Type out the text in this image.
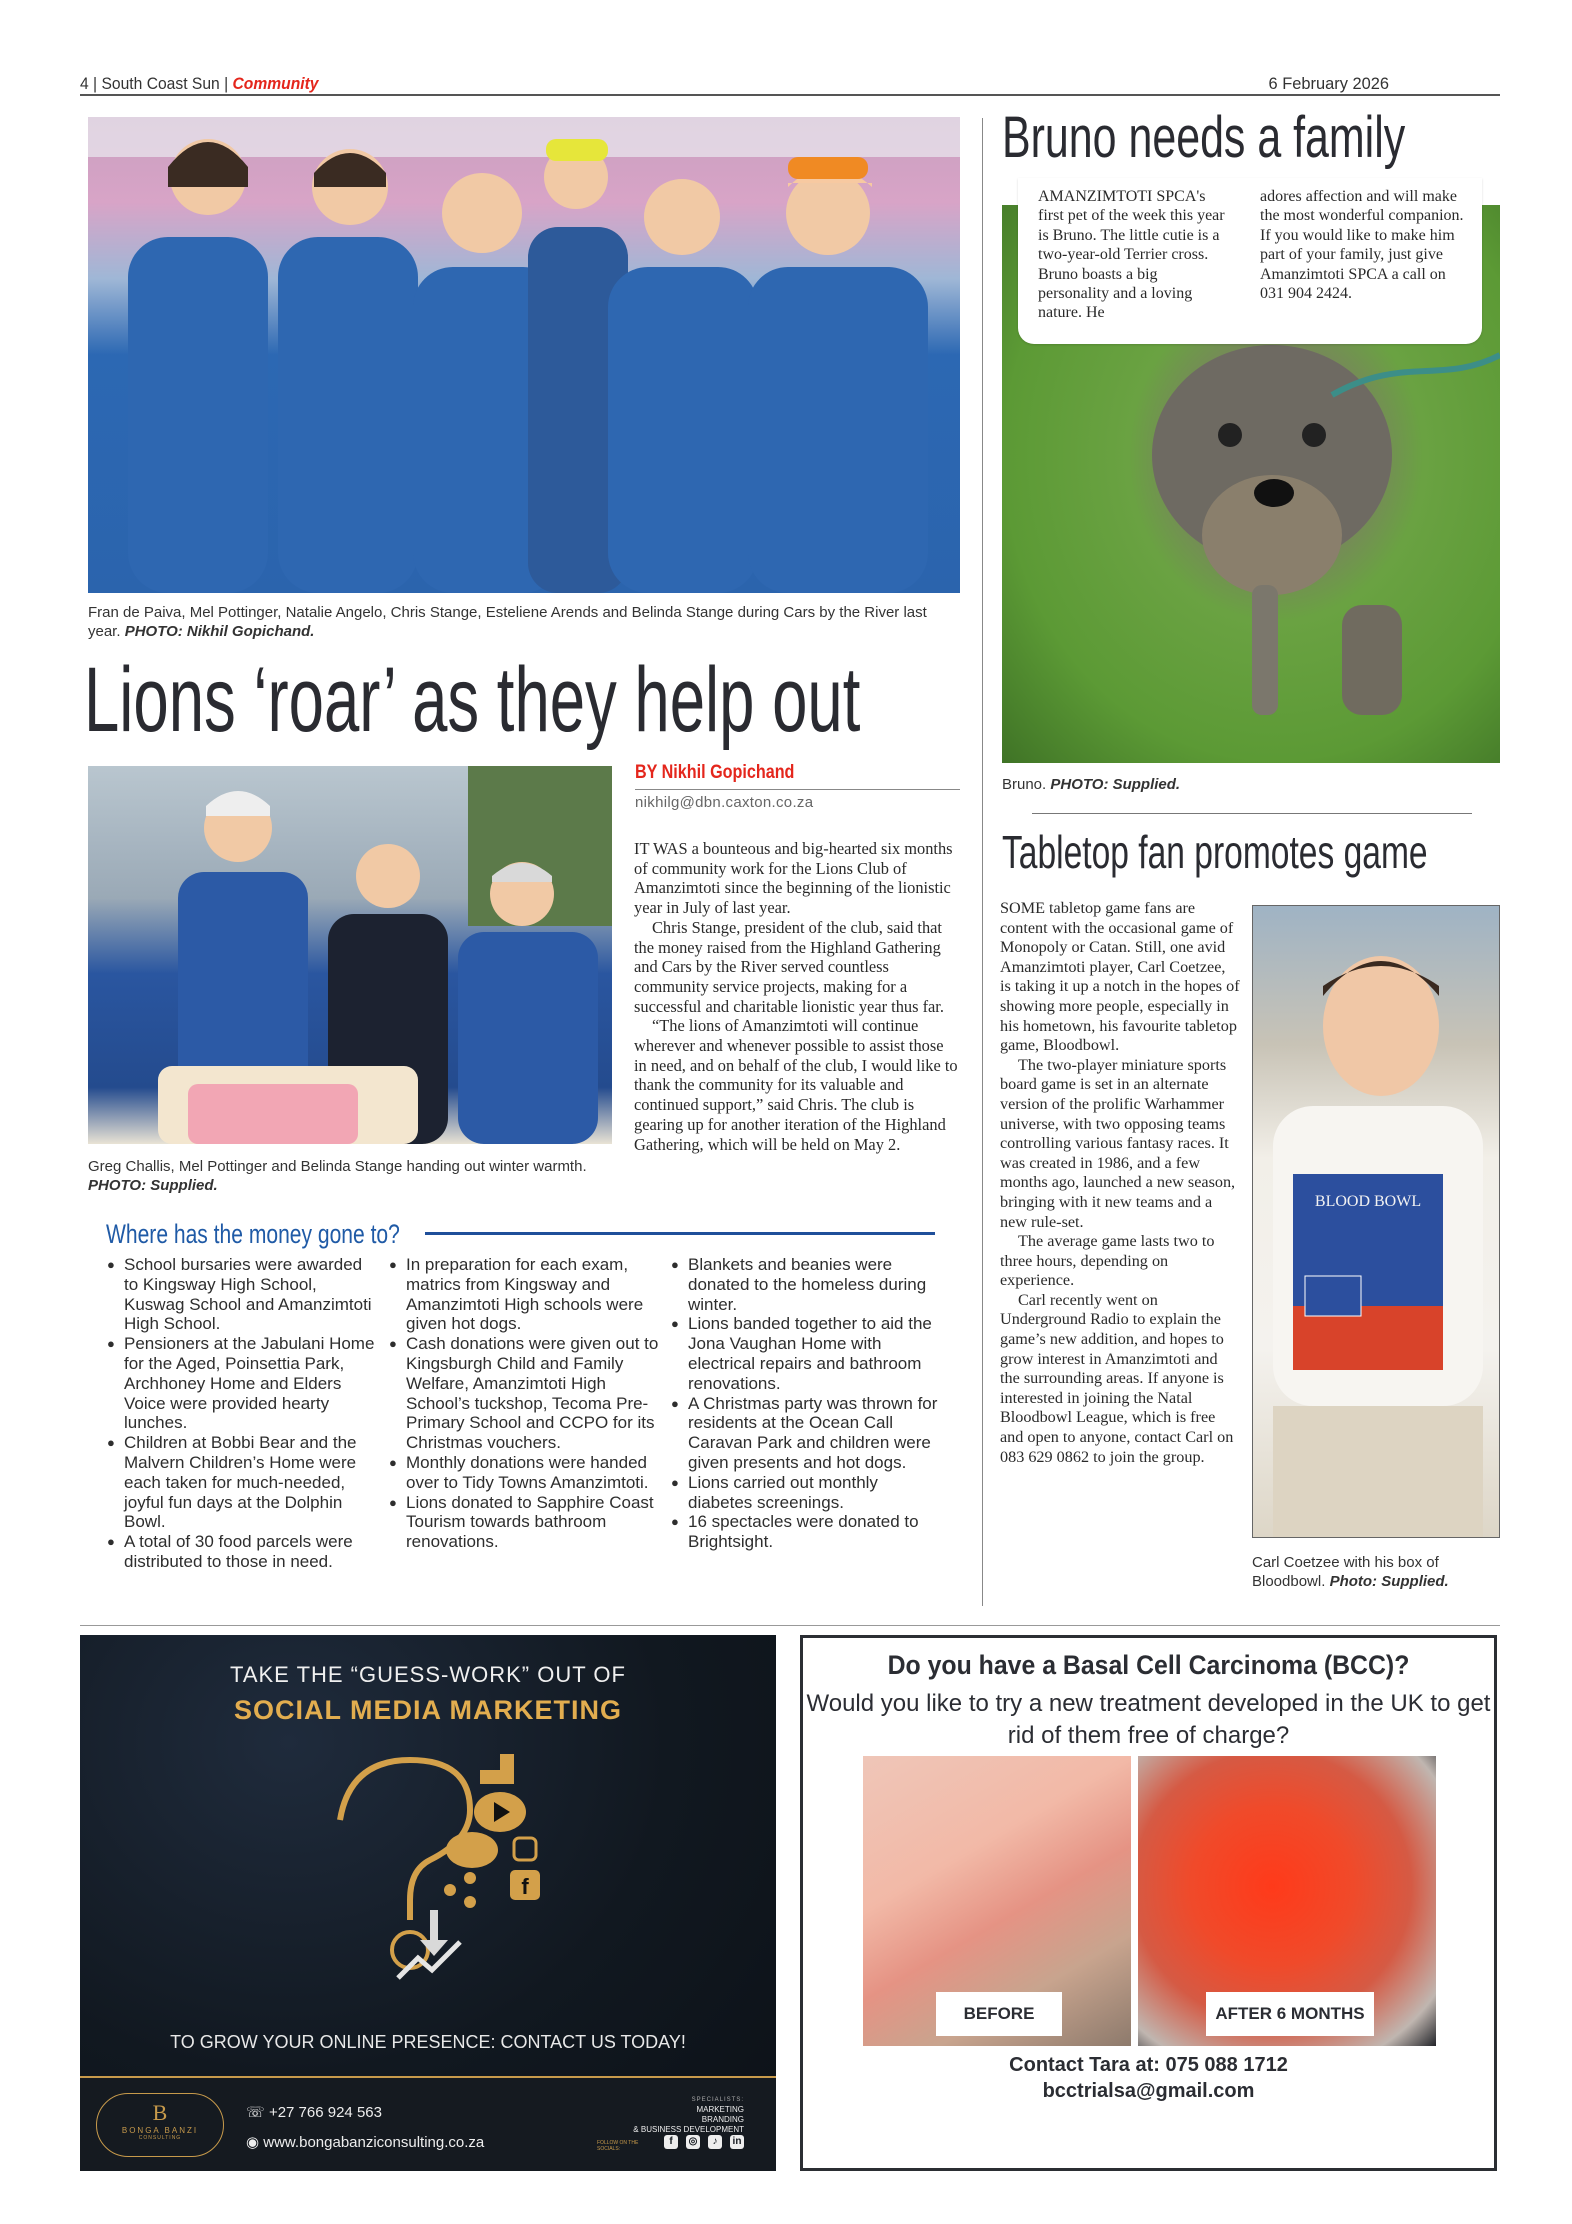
4 | South Coast Sun | Community	6 February 2026
Fran de Paiva, Mel Pottinger, Natalie Angelo, Chris Stange, Esteliene Arends and Belinda Stange during Cars by the River last year. PHOTO: Nikhil Gopichand.
Lions ‘roar’ as they help out
Greg Challis, Mel Pottinger and Belinda Stange handing out winter warmth. PHOTO: Supplied.
BY Nikhil Gopichand
nikhilg@dbn.caxton.co.za

IT WAS a bounteous and big-hearted six months of community work for the Lions Club of Amanzimtoti since the beginning of the lionistic year in July of last year.

Chris Stange, president of the club, said that the money raised from the Highland Gathering and Cars by the River served countless community service projects, making for a successful and charitable lionistic year thus far.

“The lions of Amanzimtoti will continue wherever and whenever possible to assist those in need, and on behalf of the club, I would like to thank the community for its valuable and continued support,” said Chris. The club is gearing up for another iteration of the Highland Gathering, which will be held on May 2.

Where has the money gone to?
● School bursaries were awarded to Kingsway High School, Kuswag School and Amanzimtoti High School.
● Pensioners at the Jabulani Home for the Aged, Poinsettia Park, Archhoney Home and Elders Voice were provided hearty lunches.
● Children at Bobbi Bear and the Malvern Children’s Home were each taken for much-needed, joyful fun days at the Dolphin Bowl.
● A total of 30 food parcels were distributed to those in need.
● In preparation for each exam, matrics from Kingsway and Amanzimtoti High schools were given hot dogs.
● Cash donations were given out to Kingsburgh Child and Family Welfare, Amanzimtoti High School’s tuckshop, Tecoma Pre-Primary School and CCPO for its Christmas vouchers.
● Monthly donations were handed over to Tidy Towns Amanzimtoti.
● Lions donated to Sapphire Coast Tourism towards bathroom renovations.
● Blankets and beanies were donated to the homeless during winter.
● Lions banded together to aid the Jona Vaughan Home with electrical repairs and bathroom renovations.
● A Christmas party was thrown for residents at the Ocean Call Caravan Park and children were given presents and hot dogs.
● Lions carried out monthly diabetes screenings.
● 16 spectacles were donated to Brightsight.
Bruno needs a family
AMANZIMTOTI SPCA's first pet of the week this year is Bruno. The little cutie is a two-year-old Terrier cross. Bruno boasts a big personality and a loving nature. He
adores affection and will make the most wonderful companion. If you would like to make him part of your family, just give Amanzimtoti SPCA a call on 031 904 2424.
Bruno. PHOTO: Supplied.
Tabletop fan promotes game

SOME tabletop game fans are content with the occasional game of Monopoly or Catan. Still, one avid Amanzimtoti player, Carl Coetzee, is taking it up a notch in the hopes of showing more people, especially in his hometown, his favourite tabletop game, Bloodbowl.

The two-player miniature sports board game is set in an alternate version of the prolific Warhammer universe, with two opposing teams controlling various fantasy races. It was created in 1986, and a few months ago, launched a new season, bringing with it new teams and a new rule-set.

The average game lasts two to three hours, depending on experience.

Carl recently went on Underground Radio to explain the game’s new addition, and hopes to grow interest in Amanzimtoti and the surrounding areas. If anyone is interested in joining the Natal Bloodbowl League, which is free and open to anyone, contact Carl on 083 629 0862 to join the group.

BLOOD BOWL
Carl Coetzee with his box of Bloodbowl. Photo: Supplied.
TAKE THE “GUESS-WORK” OUT OF
SOCIAL MEDIA MARKETING
f
TO GROW YOUR ONLINE PRESENCE: CONTACT US TODAY!
B
BONGA BANZI
CONSULTING
☏ +27 766 924 563
◉ www.bongabanziconsulting.co.za
SPECIALISTS:
MARKETING
BRANDING
& BUSINESS DEVELOPMENT
FOLLOW ON THE SOCIALS:
f	◎	♪	in
Do you have a Basal Cell Carcinoma (BCC)?
Would you like to try a new treatment developed in the UK to get rid of them free of charge?
BEFORE	AFTER 6 MONTHS
Contact Tara at: 075 088 1712
bcctrialsa@gmail.com
